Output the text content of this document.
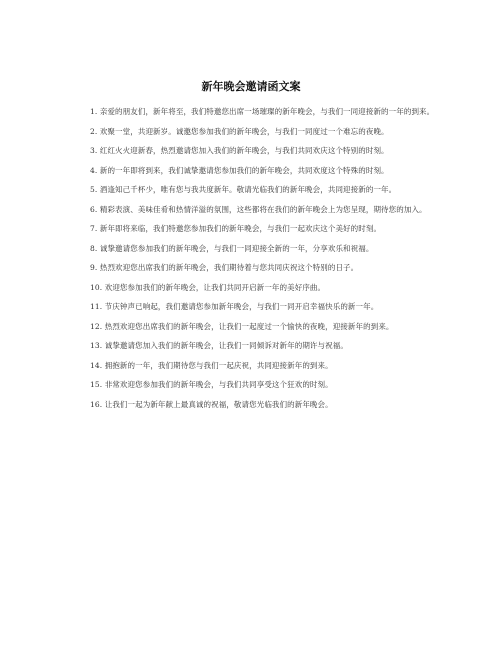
新年晚会邀请函文案
1. 亲爱的朋友们，新年将至，我们特邀您出席一场璀璨的新年晚会，与我们一同迎接新的一年的到来。
2. 欢聚一堂，共迎新岁。诚邀您参加我们的新年晚会，与我们一同度过一个难忘的夜晚。
3. 红红火火迎新春，热烈邀请您加入我们的新年晚会，与我们共同欢庆这个特别的时刻。
4. 新的一年即将到来，我们诚挚邀请您参加我们的新年晚会，共同欢度这个特殊的时刻。
5. 酒逢知己千杯少，唯有您与我共度新年。敬请光临我们的新年晚会，共同迎接新的一年。
6. 精彩表演、美味佳肴和热情洋溢的氛围，这些都将在我们的新年晚会上为您呈现，期待您的加入。
7. 新年即将来临，我们特邀您参加我们的新年晚会，与我们一起欢庆这个美好的时刻。
8. 诚挚邀请您参加我们的新年晚会，与我们一同迎接全新的一年，分享欢乐和祝福。
9. 热烈欢迎您出席我们的新年晚会，我们期待着与您共同庆祝这个特别的日子。
10. 欢迎您参加我们的新年晚会，让我们共同开启新一年的美好序曲。
11. 节庆钟声已响起，我们邀请您参加新年晚会，与我们一同开启幸福快乐的新一年。
12. 热烈欢迎您出席我们的新年晚会，让我们一起度过一个愉快的夜晚，迎接新年的到来。
13. 诚挚邀请您加入我们的新年晚会，让我们一同倾诉对新年的期许与祝福。
14. 拥抱新的一年，我们期待您与我们一起庆祝，共同迎接新年的到来。
15. 非常欢迎您参加我们的新年晚会，与我们共同享受这个狂欢的时刻。
16. 让我们一起为新年献上最真诚的祝福，敬请您光临我们的新年晚会。
